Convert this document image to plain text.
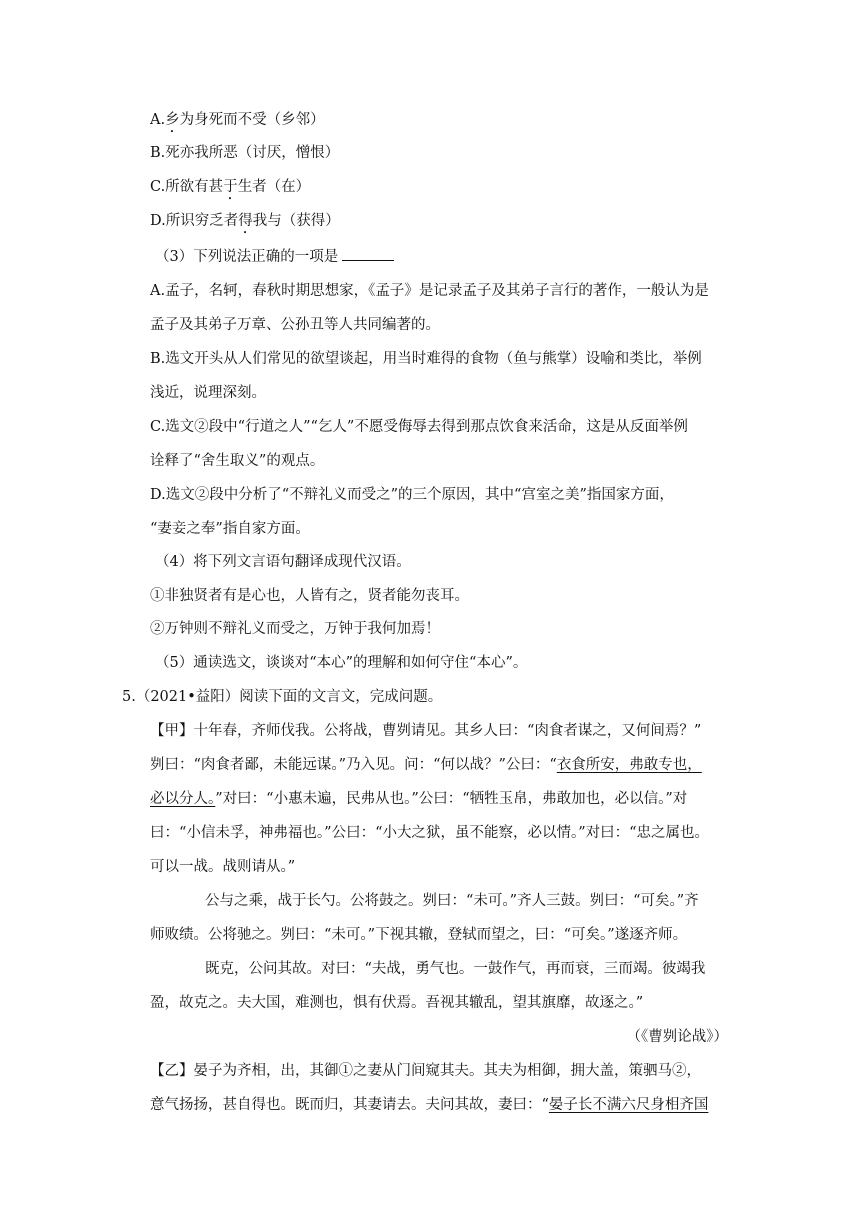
A.乡为身死而不受（乡邻）
B.死亦我所恶（讨厌，憎恨）
C.所欲有甚于生者（在）
D.所识穷乏者得我与（获得）
（3）下列说法正确的一项是
A.孟子，名轲，春秋时期思想家，《孟子》是记录孟子及其弟子言行的著作，一般认为是
孟子及其弟子万章、公孙丑等人共同编著的。
B.选文开头从人们常见的欲望谈起，用当时难得的食物（鱼与熊掌）设喻和类比，举例
浅近，说理深刻。
C.选文②段中“行道之人”“乞人”不愿受侮辱去得到那点饮食来活命，这是从反面举例
诠释了“舍生取义”的观点。
D.选文②段中分析了“不辩礼义而受之”的三个原因，其中“宫室之美”指国家方面，
“妻妾之奉”指自家方面。
（4）将下列文言语句翻译成现代汉语。
①非独贤者有是心也，人皆有之，贤者能勿丧耳。
②万钟则不辩礼义而受之，万钟于我何加焉！
（5）通读选文，谈谈对“本心”的理解和如何守住“本心”。
5.（2021•益阳）阅读下面的文言文，完成问题。
【甲】十年春，齐师伐我。公将战，曹刿请见。其乡人曰：“肉食者谋之，又何间焉？”
刿曰：“肉食者鄙，未能远谋。”乃入见。问：“何以战？”公曰：“衣食所安，弗敢专也，
必以分人。”对曰：“小惠未遍，民弗从也。”公曰：“牺牲玉帛，弗敢加也，必以信。”对
曰：“小信未孚，神弗福也。”公曰：“小大之狱，虽不能察，必以情。”对曰：“忠之属也。
可以一战。战则请从。”
公与之乘，战于长勺。公将鼓之。刿曰：“未可。”齐人三鼓。刿曰：“可矣。”齐
师败绩。公将驰之。刿曰：“未可。”下视其辙，登轼而望之，曰：“可矣。”遂逐齐师。
既克，公问其故。对曰：“夫战，勇气也。一鼓作气，再而衰，三而竭。彼竭我
盈，故克之。夫大国，难测也，惧有伏焉。吾视其辙乱，望其旗靡，故逐之。”
（《曹刿论战》）
【乙】晏子为齐相，出，其御①之妻从门间窥其夫。其夫为相御，拥大盖，策驷马②，
意气扬扬，甚自得也。既而归，其妻请去。夫问其故，妻曰：“晏子长不满六尺身相齐国
